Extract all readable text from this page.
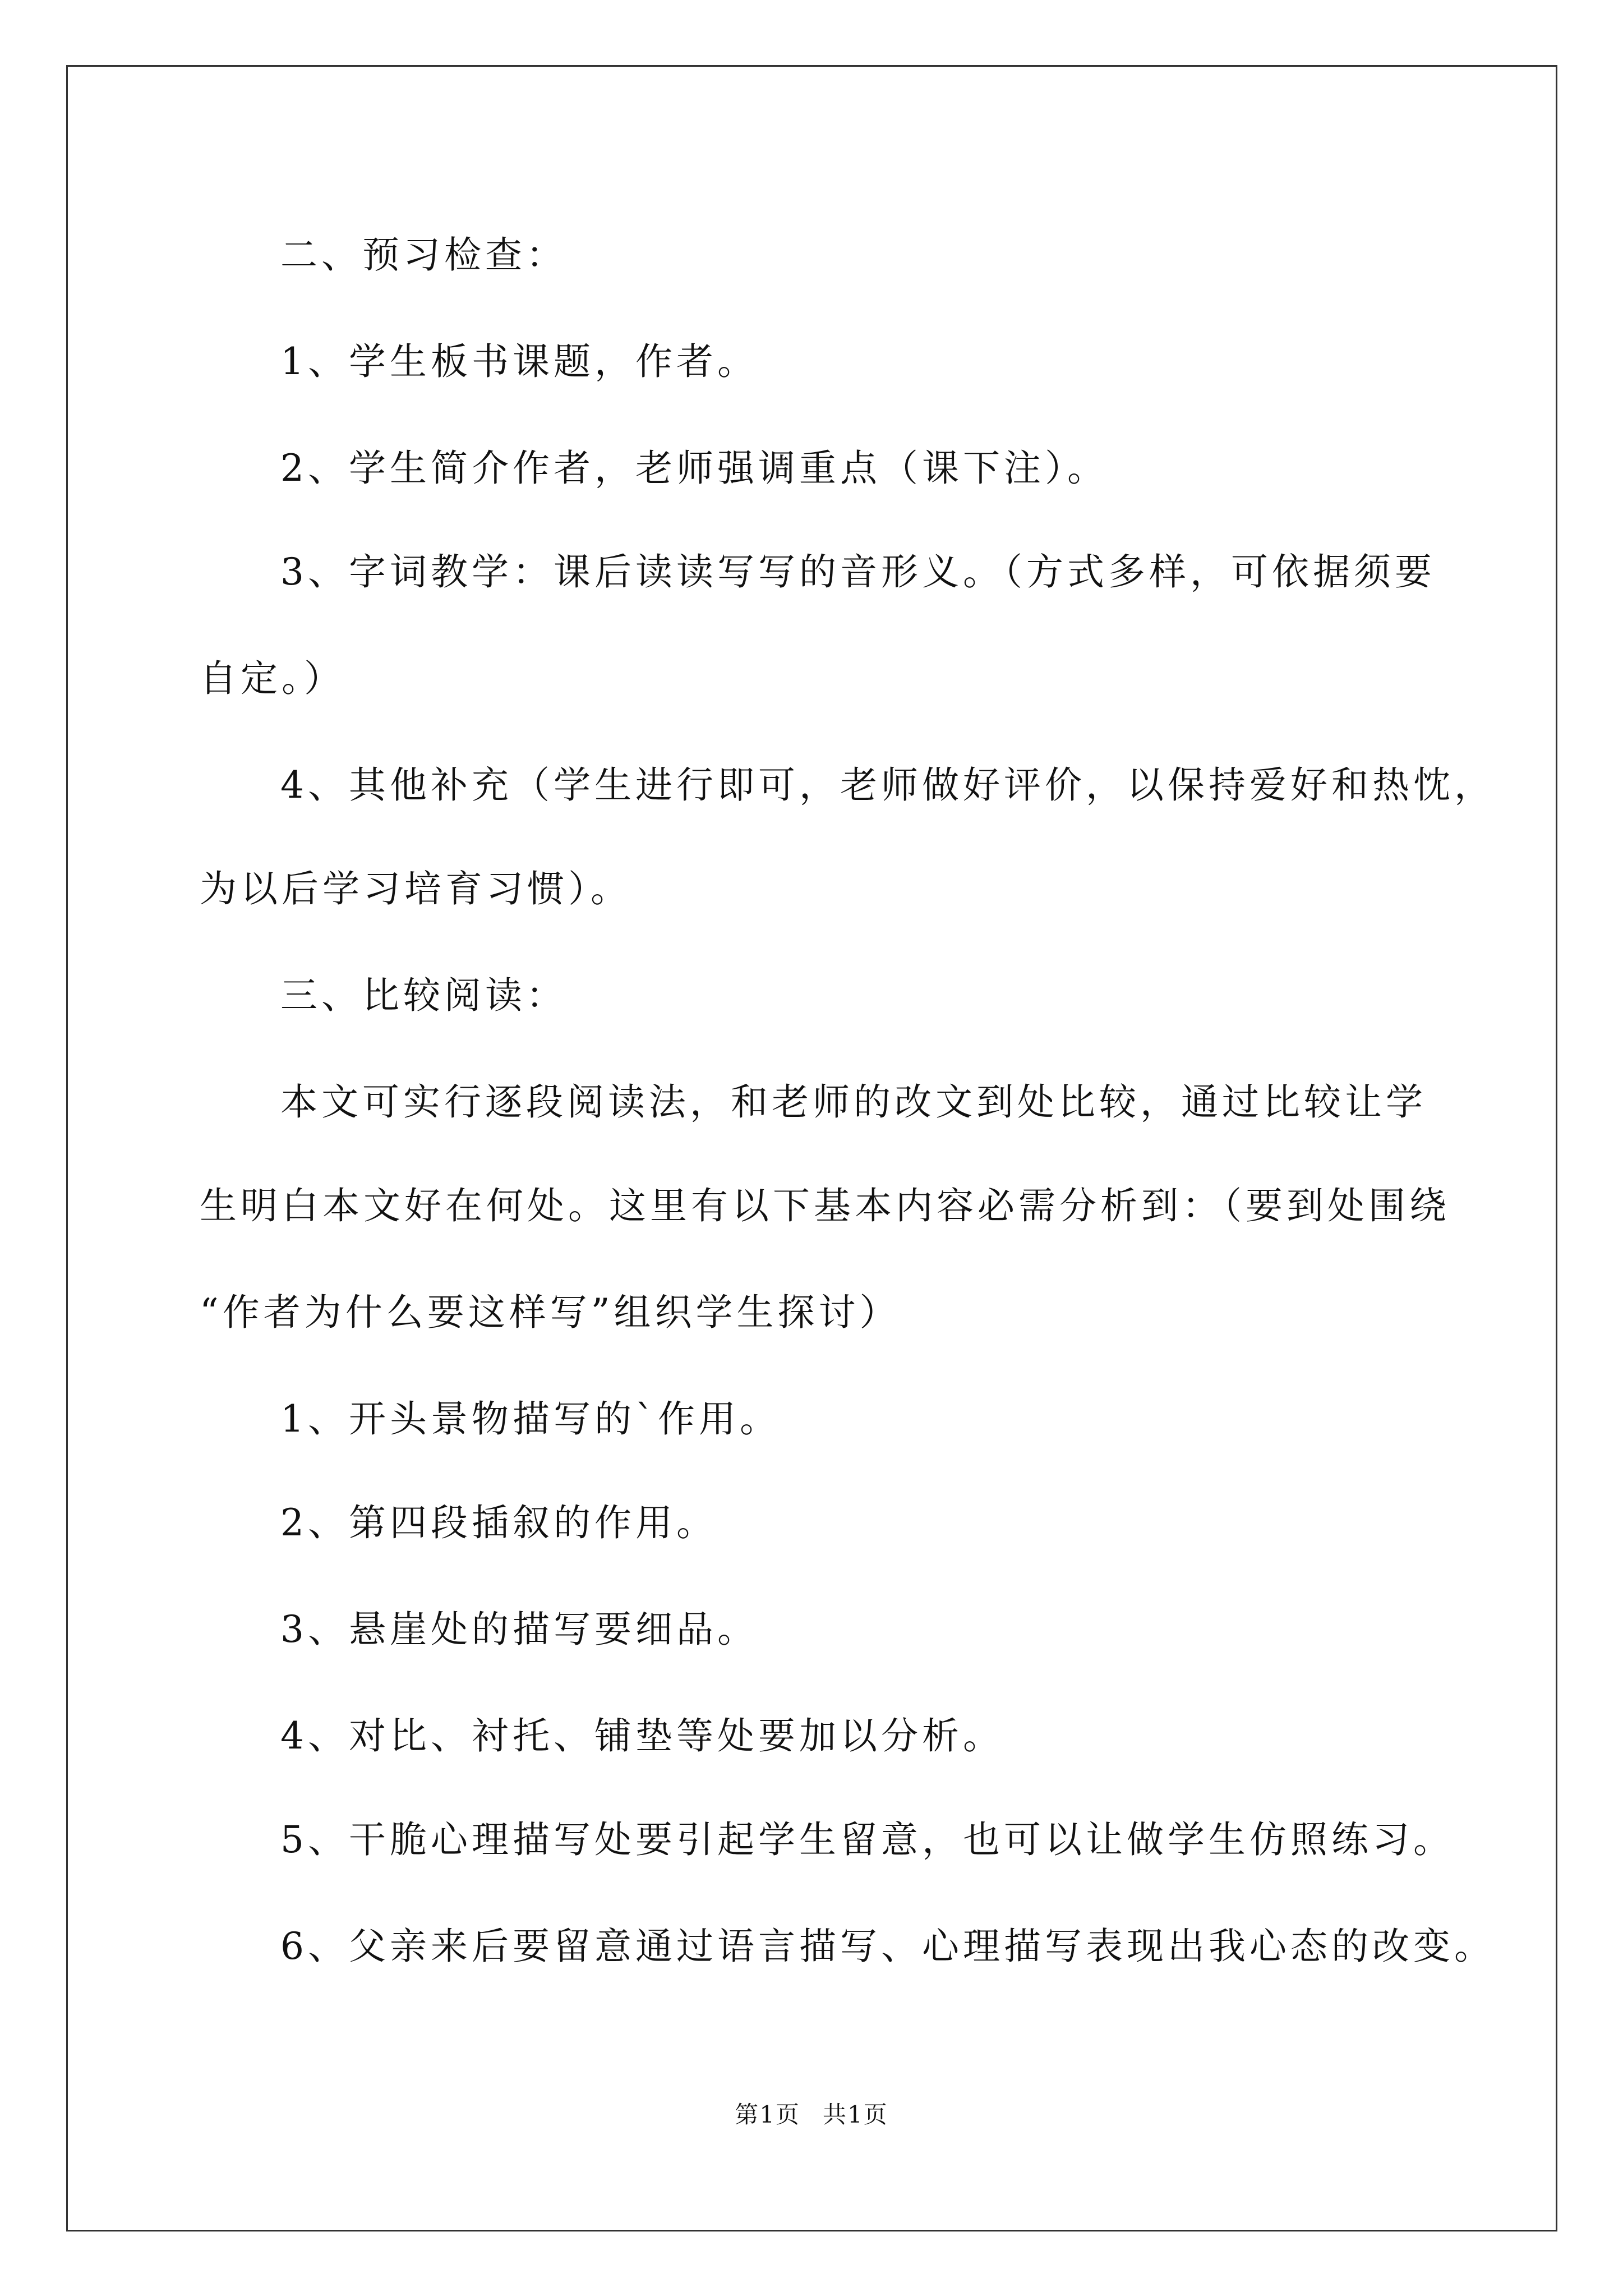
二、预习检查：
1、学生板书课题，作者。
2、学生简介作者，老师强调重点（课下注）。
3、字词教学：课后读读写写的音形义。（方式多样，可依据须要
自定。）
4、其他补充（学生进行即可，老师做好评价，以保持爱好和热忱，
为以后学习培育习惯）。
三、比较阅读：
本文可实行逐段阅读法，和老师的改文到处比较，通过比较让学
生明白本文好在何处。这里有以下基本内容必需分析到：（要到处围绕
“作者为什么要这样写”组织学生探讨）
1、开头景物描写的`作用。
2、第四段插叙的作用。
3、悬崖处的描写要细品。
4、对比、衬托、铺垫等处要加以分析。
5、干脆心理描写处要引起学生留意，也可以让做学生仿照练习。
6、父亲来后要留意通过语言描写、心理描写表现出我心态的改变。
第1页 共1页
